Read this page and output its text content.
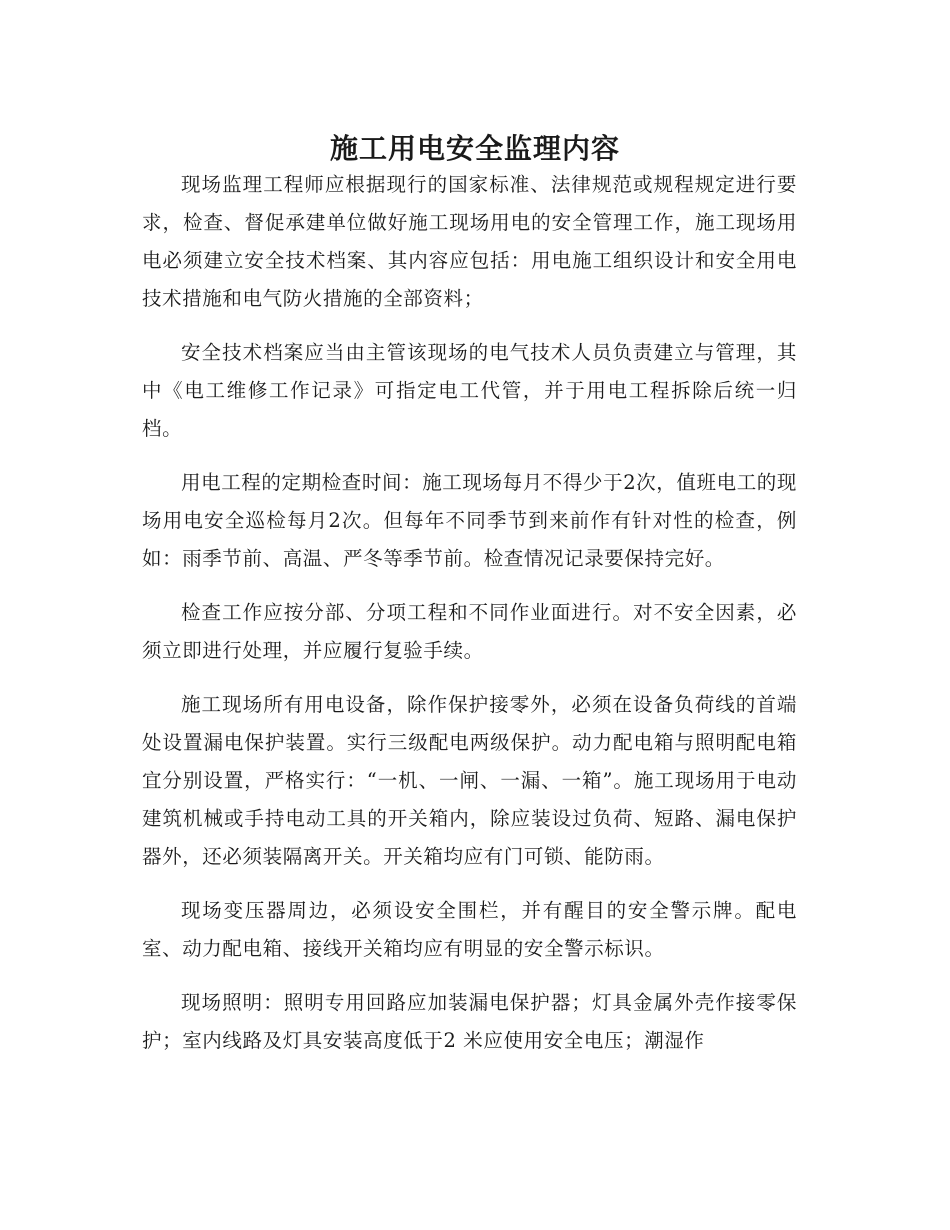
施工用电安全监理内容

现场监理工程师应根据现行的国家标准、法律规范或规程规定进行要求，检查、督促承建单位做好施工现场用电的安全管理工作，施工现场用电必须建立安全技术档案、其内容应包括：用电施工组织设计和安全用电技术措施和电气防火措施的全部资料；

安全技术档案应当由主管该现场的电气技术人员负责建立与管理，其中《电工维修工作记录》可指定电工代管，并于用电工程拆除后统一归档。

用电工程的定期检查时间：施工现场每月不得少于2次，值班电工的现场用电安全巡检每月2次。但每年不同季节到来前作有针对性的检查，例如：雨季节前、高温、严冬等季节前。检查情况记录要保持完好。

检查工作应按分部、分项工程和不同作业面进行。对不安全因素，必须立即进行处理，并应履行复验手续。

施工现场所有用电设备，除作保护接零外，必须在设备负荷线的首端处设置漏电保护装置。实行三级配电两级保护。动力配电箱与照明配电箱宜分别设置，严格实行：“一机、一闸、一漏、一箱”。施工现场用于电动建筑机械或手持电动工具的开关箱内，除应装设过负荷、短路、漏电保护器外，还必须装隔离开关。开关箱均应有门可锁、能防雨。

现场变压器周边，必须设安全围栏，并有醒目的安全警示牌。配电室、动力配电箱、接线开关箱均应有明显的安全警示标识。

现场照明：照明专用回路应加装漏电保护器；灯具金属外壳作接零保护；室内线路及灯具安装高度低于2 米应使用安全电压；潮湿作
